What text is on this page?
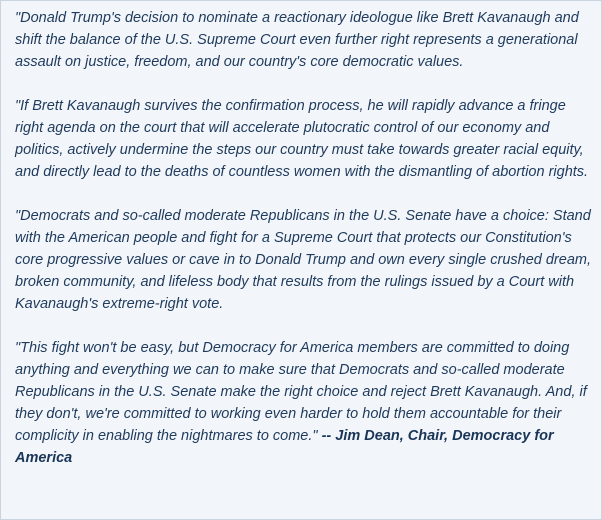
"Donald Trump's decision to nominate a reactionary ideologue like Brett Kavanaugh and shift the balance of the U.S. Supreme Court even further right represents a generational assault on justice, freedom, and our country's core democratic values.

"If Brett Kavanaugh survives the confirmation process, he will rapidly advance a fringe right agenda on the court that will accelerate plutocratic control of our economy and politics, actively undermine the steps our country must take towards greater racial equity, and directly lead to the deaths of countless women with the dismantling of abortion rights.

"Democrats and so-called moderate Republicans in the U.S. Senate have a choice: Stand with the American people and fight for a Supreme Court that protects our Constitution's core progressive values or cave in to Donald Trump and own every single crushed dream, broken community, and lifeless body that results from the rulings issued by a Court with Kavanaugh's extreme-right vote.

"This fight won't be easy, but Democracy for America members are committed to doing anything and everything we can to make sure that Democrats and so-called moderate Republicans in the U.S. Senate make the right choice and reject Brett Kavanaugh. And, if they don't, we're committed to working even harder to hold them accountable for their complicity in enabling the nightmares to come." -- Jim Dean, Chair, Democracy for America
